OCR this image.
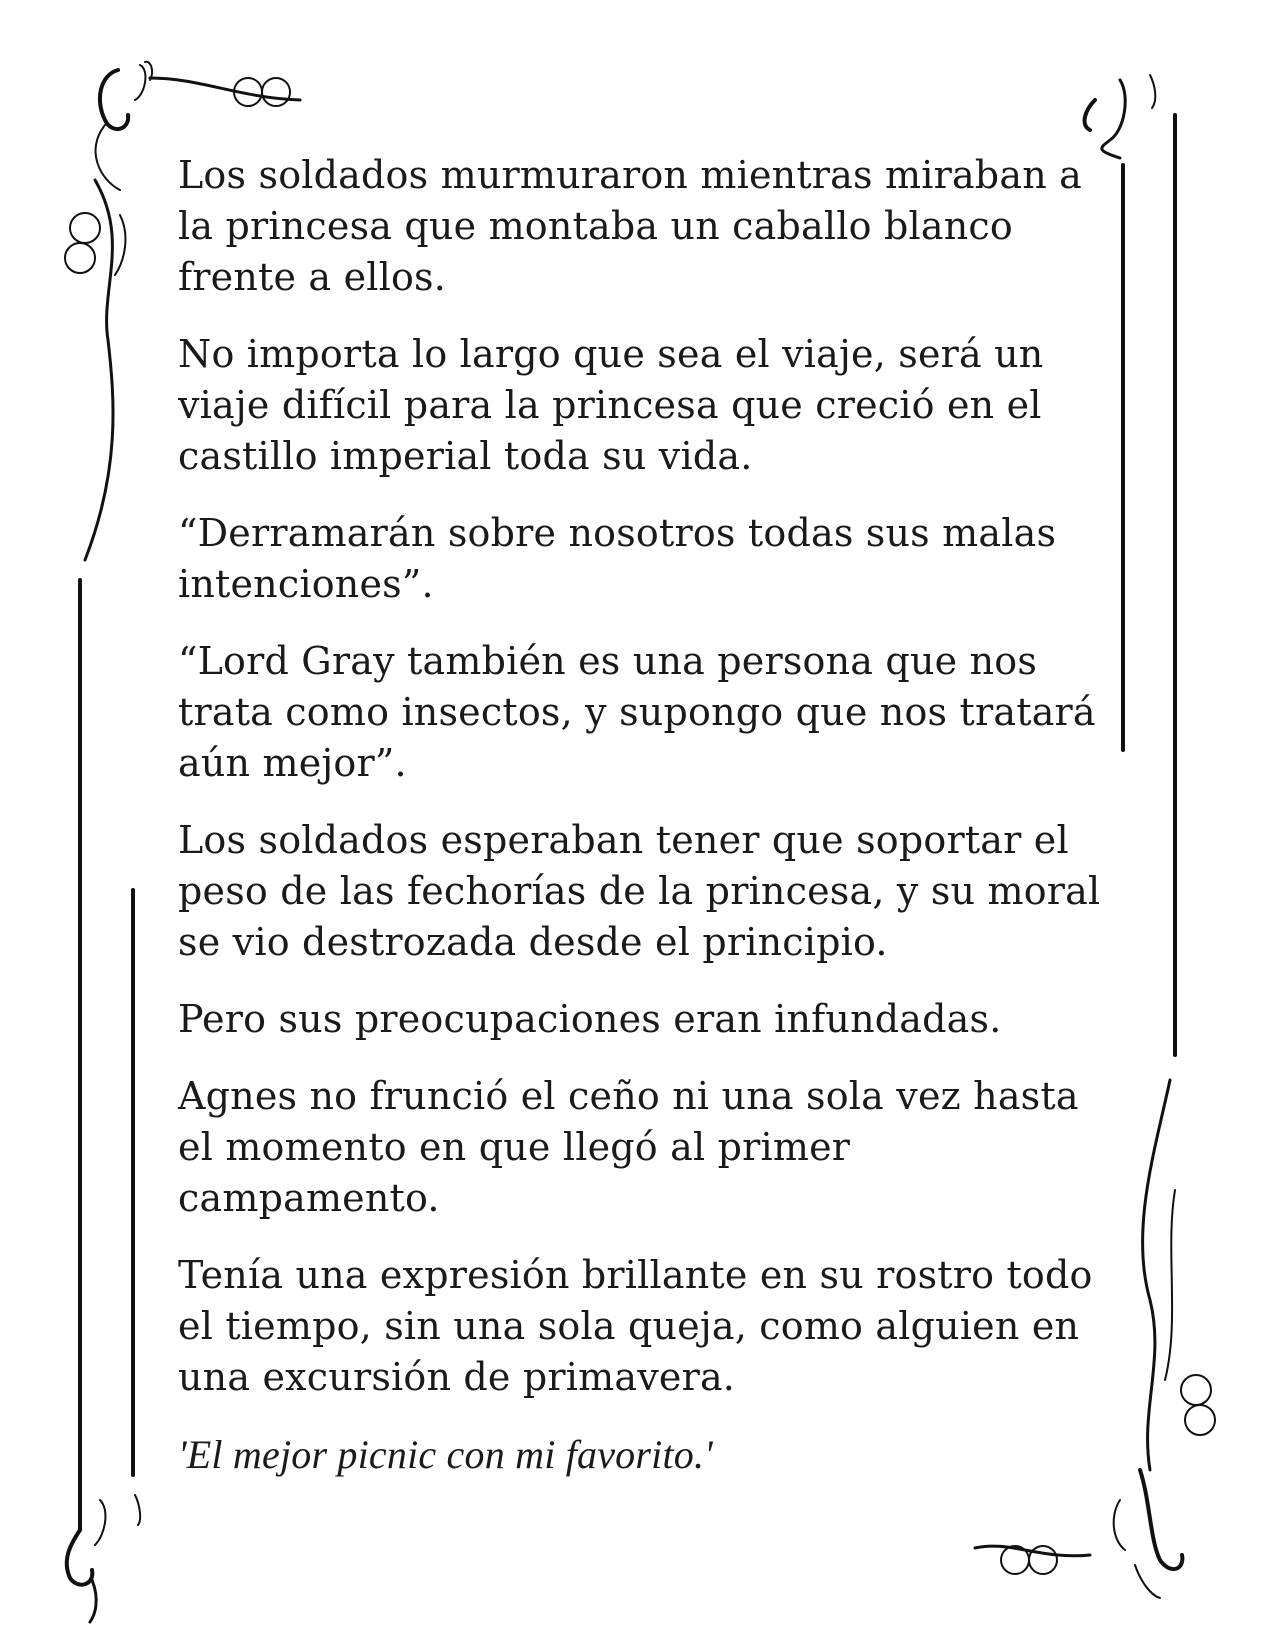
Los soldados murmuraron mientras miraban a la princesa que montaba un caballo blanco frente a ellos.

No importa lo largo que sea el viaje, será un viaje difícil para la princesa que creció en el castillo imperial toda su vida.

“Derramarán sobre nosotros todas sus malas intenciones”.

“Lord Gray también es una persona que nos trata como insectos, y supongo que nos tratará aún mejor”.

Los soldados esperaban tener que soportar el peso de las fechorías de la princesa, y su moral se vio destrozada desde el principio.

Pero sus preocupaciones eran infundadas.

Agnes no frunció el ceño ni una sola vez hasta el momento en que llegó al primer campamento.

Tenía una expresión brillante en su rostro todo el tiempo, sin una sola queja, como alguien en una excursión de primavera.

'El mejor picnic con mi favorito.'
